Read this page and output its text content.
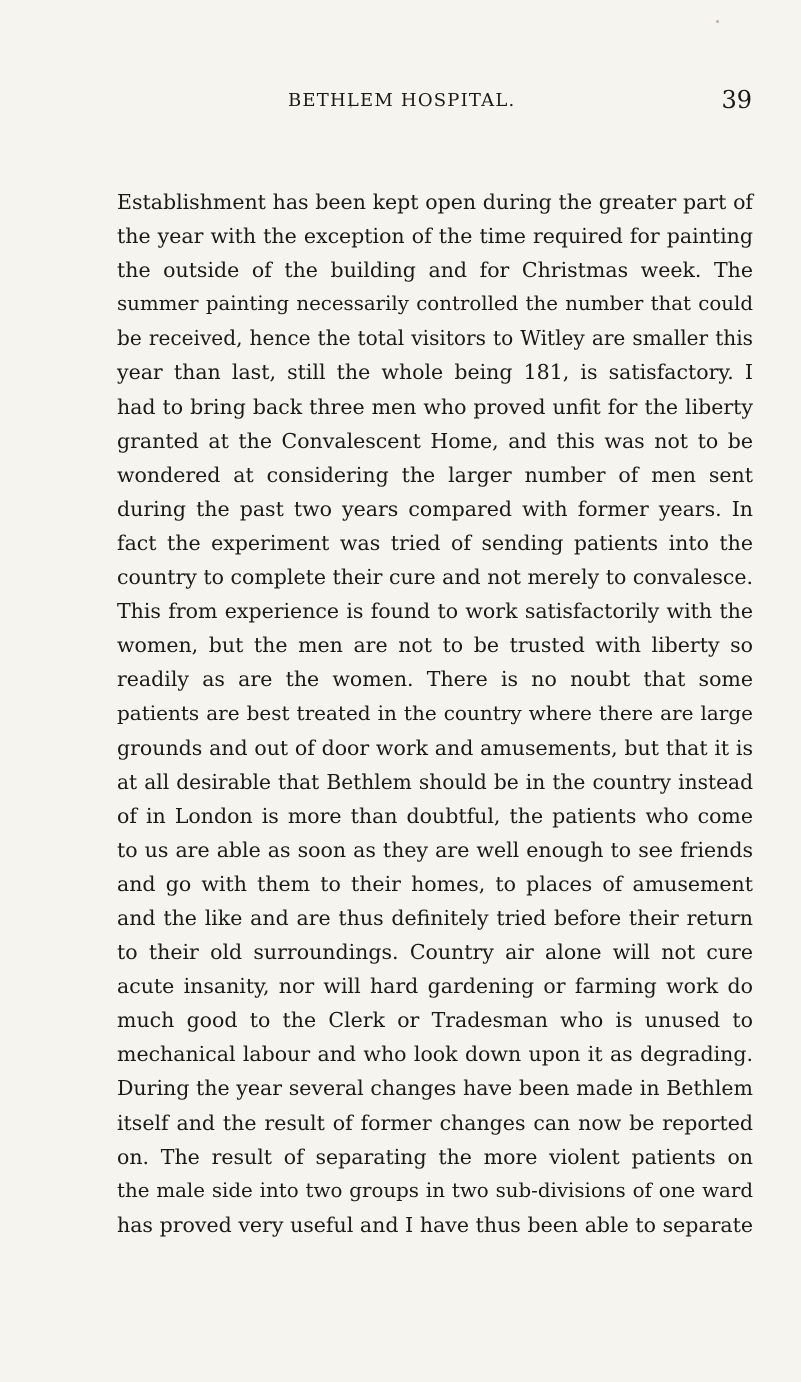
BETHLEM HOSPITAL.	39
Establishment has been kept open during the greater part of
the year with the exception of the time required for painting
the outside of the building and for Christmas week. The
summer painting necessarily controlled the number that could
be received, hence the total visitors to Witley are smaller this
year than last, still the whole being 181, is satisfactory. I
had to bring back three men who proved unfit for the liberty
granted at the Convalescent Home, and this was not to be
wondered at considering the larger number of men sent
during the past two years compared with former years. In
fact the experiment was tried of sending patients into the
country to complete their cure and not merely to convalesce.
This from experience is found to work satisfactorily with the
women, but the men are not to be trusted with liberty so
readily as are the women. There is no noubt that some
patients are best treated in the country where there are large
grounds and out of door work and amusements, but that it is
at all desirable that Bethlem should be in the country instead
of in London is more than doubtful, the patients who come
to us are able as soon as they are well enough to see friends
and go with them to their homes, to places of amusement
and the like and are thus definitely tried before their return
to their old surroundings. Country air alone will not cure
acute insanity, nor will hard gardening or farming work do
much good to the Clerk or Tradesman who is unused to
mechanical labour and who look down upon it as degrading.
During the year several changes have been made in Bethlem
itself and the result of former changes can now be reported
on. The result of separating the more violent patients on
the male side into two groups in two sub-divisions of one ward
has proved very useful and I have thus been able to separate
